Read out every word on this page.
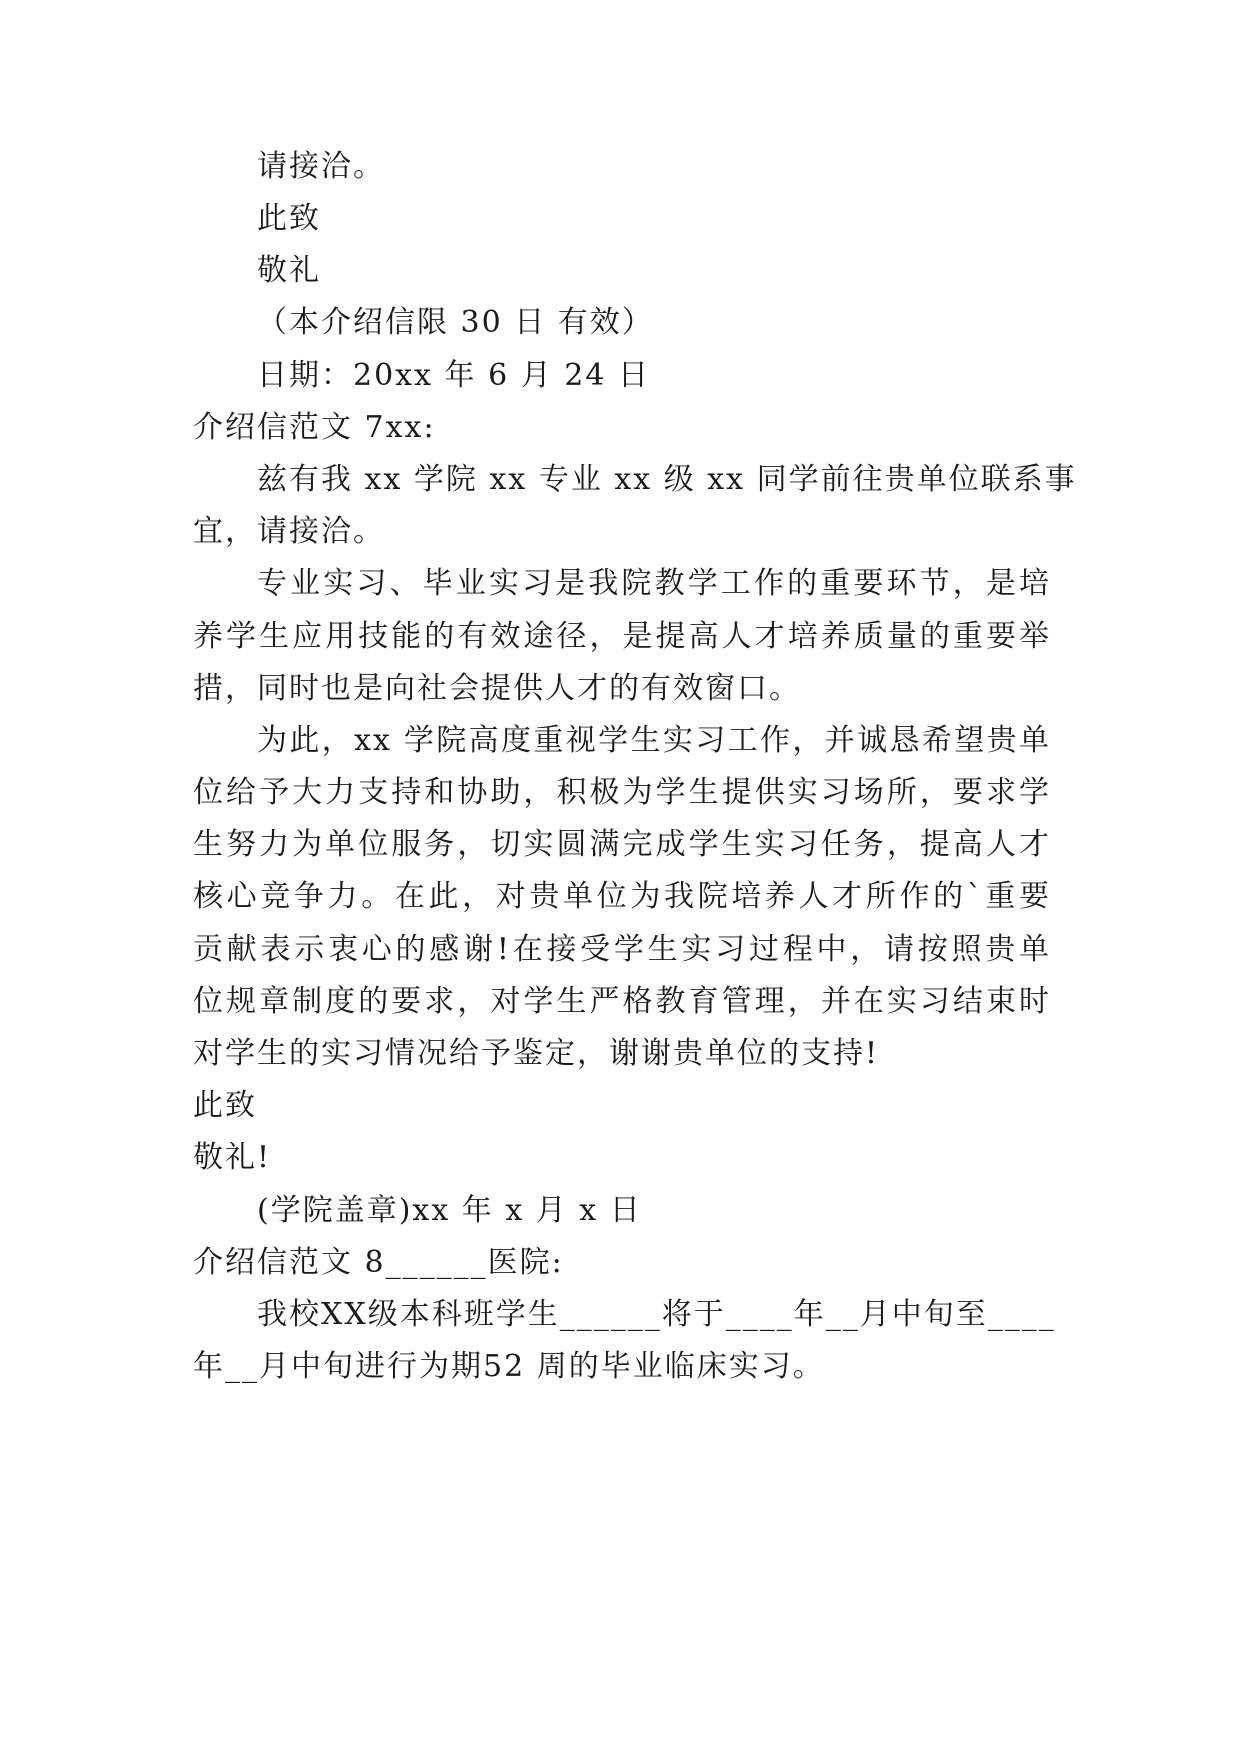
请接洽。
此致
敬礼
（本介绍信限 30 日 有效）
日期：20xx 年 6 月 24 日
介绍信范文 7xx:
兹有我 xx 学院 xx 专业 xx 级 xx 同学前往贵单位联系事
宜，请接洽。
专业实习、毕业实习是我院教学工作的重要环节，是培
养学生应用技能的有效途径，是提高人才培养质量的重要举
措，同时也是向社会提供人才的有效窗口。
为此，xx 学院高度重视学生实习工作，并诚恳希望贵单
位给予大力支持和协助，积极为学生提供实习场所，要求学
生努力为单位服务，切实圆满完成学生实习任务，提高人才
核心竞争力。在此，对贵单位为我院培养人才所作的`重要
贡献表示衷心的感谢!在接受学生实习过程中，请按照贵单
位规章制度的要求，对学生严格教育管理，并在实习结束时
对学生的实习情况给予鉴定，谢谢贵单位的支持!
此致
敬礼!
(学院盖章)xx 年 x 月 x 日
介绍信范文 8______医院:
我校XX级本科班学生______将于____年__月中旬至____
年__月中旬进行为期52 周的毕业临床实习。
